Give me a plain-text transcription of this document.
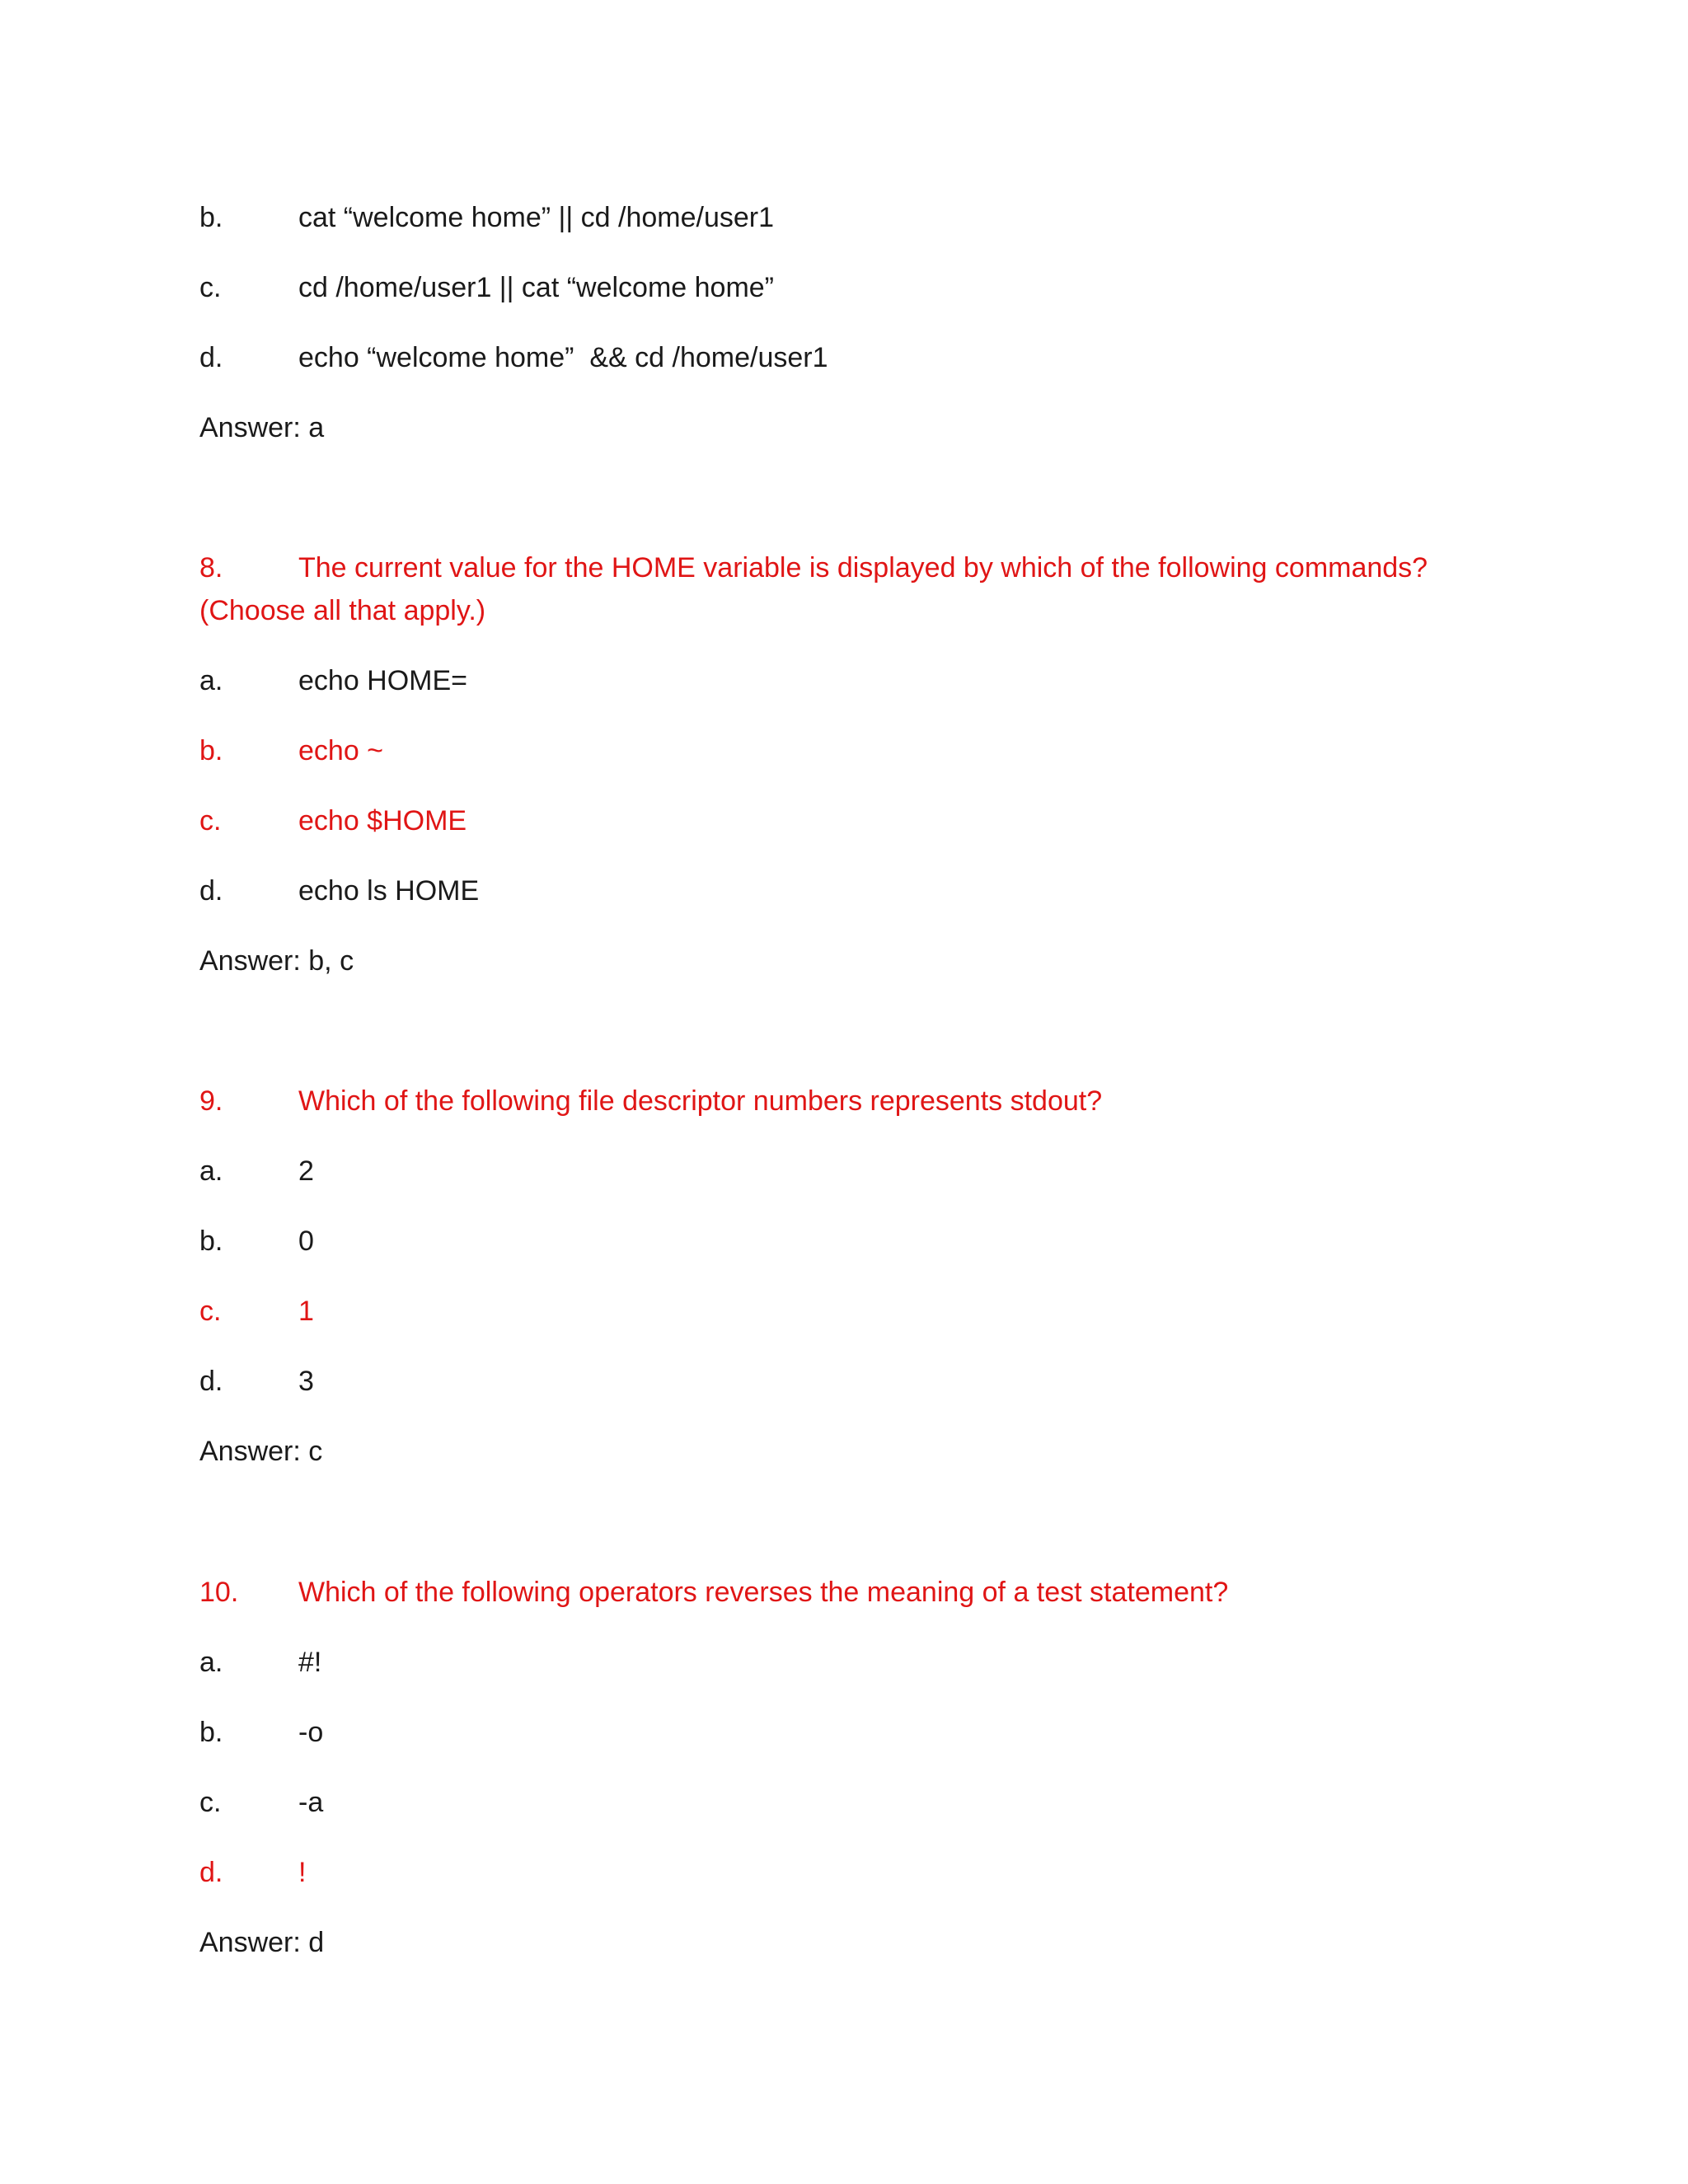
b.	cat “welcome home” || cd /home/user1
c.	cd /home/user1 || cat “welcome home”
d.	echo “welcome home”  && cd /home/user1
Answer: a
8.	The current value for the HOME variable is displayed by which of the following commands?
(Choose all that apply.)
a.	echo HOME=
b.	echo ~
c.	echo $HOME
d.	echo ls HOME
Answer: b, c
9.	Which of the following file descriptor numbers represents stdout?
a.	2
b.	0
c.	1
d.	3
Answer: c
10. Which of the following operators reverses the meaning of a test statement?
a.	#!
b.	-o
c.	-a
d.	!
Answer: d
